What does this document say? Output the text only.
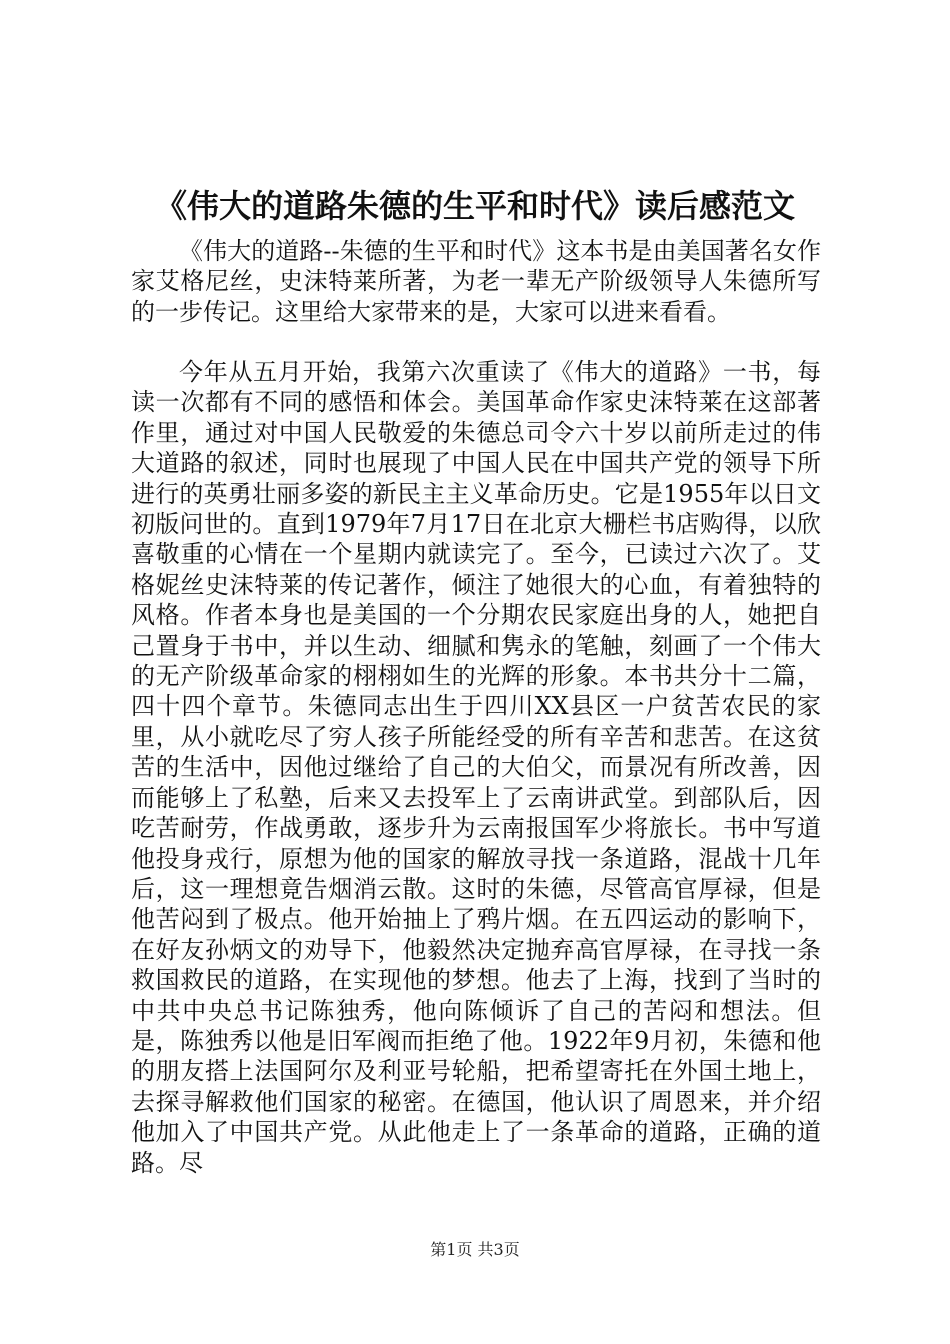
《伟大的道路朱德的生平和时代》读后感范文

《伟大的道路--朱德的生平和时代》这本书是由美国著名女作家艾格尼丝，史沫特莱所著，为老一辈无产阶级领导人朱德所写的一步传记。这里给大家带来的是，大家可以进来看看。

今年从五月开始，我第六次重读了《伟大的道路》一书，每读一次都有不同的感悟和体会。美国革命作家史沫特莱在这部著作里，通过对中国人民敬爱的朱德总司令六十岁以前所走过的伟大道路的叙述，同时也展现了中国人民在中国共产党的领导下所进行的英勇壮丽多姿的新民主主义革命历史。它是1955年以日文初版问世的。直到1979年7月17日在北京大栅栏书店购得，以欣喜敬重的心情在一个星期内就读完了。至今，已读过六次了。艾格妮丝史沫特莱的传记著作，倾注了她很大的心血，有着独特的风格。作者本身也是美国的一个分期农民家庭出身的人，她把自己置身于书中，并以生动、细腻和隽永的笔触，刻画了一个伟大的无产阶级革命家的栩栩如生的光辉的形象。本书共分十二篇，四十四个章节。朱德同志出生于四川XX县区一户贫苦农民的家里，从小就吃尽了穷人孩子所能经受的所有辛苦和悲苦。在这贫苦的生活中，因他过继给了自己的大伯父，而景况有所改善，因而能够上了私塾，后来又去投军上了云南讲武堂。到部队后，因吃苦耐劳，作战勇敢，逐步升为云南报国军少将旅长。书中写道他投身戎行，原想为他的国家的解放寻找一条道路，混战十几年后，这一理想竟告烟消云散。这时的朱德，尽管高官厚禄，但是他苦闷到了极点。他开始抽上了鸦片烟。在五四运动的影响下，在好友孙炳文的劝导下，他毅然决定抛弃高官厚禄，在寻找一条救国救民的道路，在实现他的梦想。他去了上海，找到了当时的中共中央总书记陈独秀，他向陈倾诉了自己的苦闷和想法。但是，陈独秀以他是旧军阀而拒绝了他。1922年9月初，朱德和他的朋友搭上法国阿尔及利亚号轮船，把希望寄托在外国土地上，去探寻解救他们国家的秘密。在德国，他认识了周恩来，并介绍他加入了中国共产党。从此他走上了一条革命的道路，正确的道路。尽

第1页 共3页
